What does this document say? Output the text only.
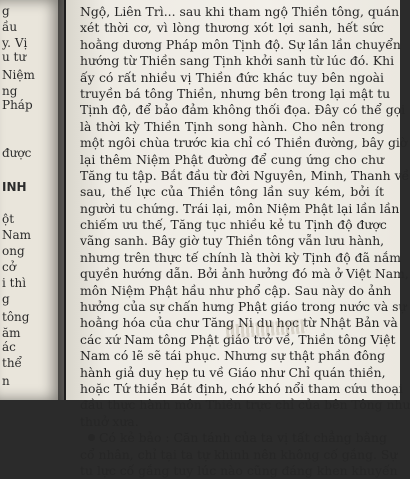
g
ầu
y. Vị
u tư
Niệm
ng
Pháp
được
INH
ột
Nam
ong
cở
i thì
g
tông
ăm
ác
thể
n
Ngộ, Liên Trì... sau khi tham ngộ Thiền tông, quán
xét thời cơ, vì lòng thương xót lợi sanh, hết sức
hoằng dương Pháp môn Tịnh độ. Sự lần lần chuyển
hướng từ Thiền sang Tịnh khởi sanh từ lúc đó. Khi
ấy có rất nhiều vị Thiền đức khác tuy bên ngoài
truyền bá tông Thiền, nhưng bên trong lại mật tu
Tịnh độ, để bảo đảm không thối đọa. Đây có thể gọi
là thời kỳ Thiền Tịnh song hành. Cho nên trong
một ngôi chùa trước kia chỉ có Thiền đường, bây giờ
lại thêm Niệm Phật đường để cung ứng cho chư
Tăng tu tập. Bắt đầu từ đời Nguyên, Minh, Thanh về
sau, thế lực của Thiền tông lần suy kém, bởi ít
người tu chứng. Trái lại, môn Niệm Phật lại lần lần
chiếm ưu thế, Tăng tục nhiều kẻ tu Tịnh độ được
vãng sanh. Bây giờ tuy Thiền tông vẫn lưu hành,
nhưng trên thực tế chính là thời kỳ Tịnh độ đã nắm
quyền hướng dẫn. Bởi ảnh hưởng đó mà ở Việt Nam,
môn Niệm Phật hầu như phổ cập. Sau này do ảnh
hưởng của sự chấn hưng Phật giáo trong nước và sự
hoằng hóa của chư Tăng Ni du học từ Nhật Bản và
các xứ Nam tông Phật giáo trở về, Thiền tông Việt
Nam có lẽ sẽ tái phục. Nhưng sự thật phần đông
hành giả duy hẹp tu về Giáo như Chỉ quán thiền,
hoặc Tứ thiền Bát định, chớ khó nổi tham cứu thoại
đầu thực hành môn Thiền trực chỉ của bên Tông như
thuở xưa.
Có kẻ bảo : Căn tánh của ta vị tất chẳng bằng
cổ nhân, chỉ tại ta tự khinh nên không cố gắng. Sự
tu lực cố gắng tuy lúc nào cũng đáng khen khuyến
